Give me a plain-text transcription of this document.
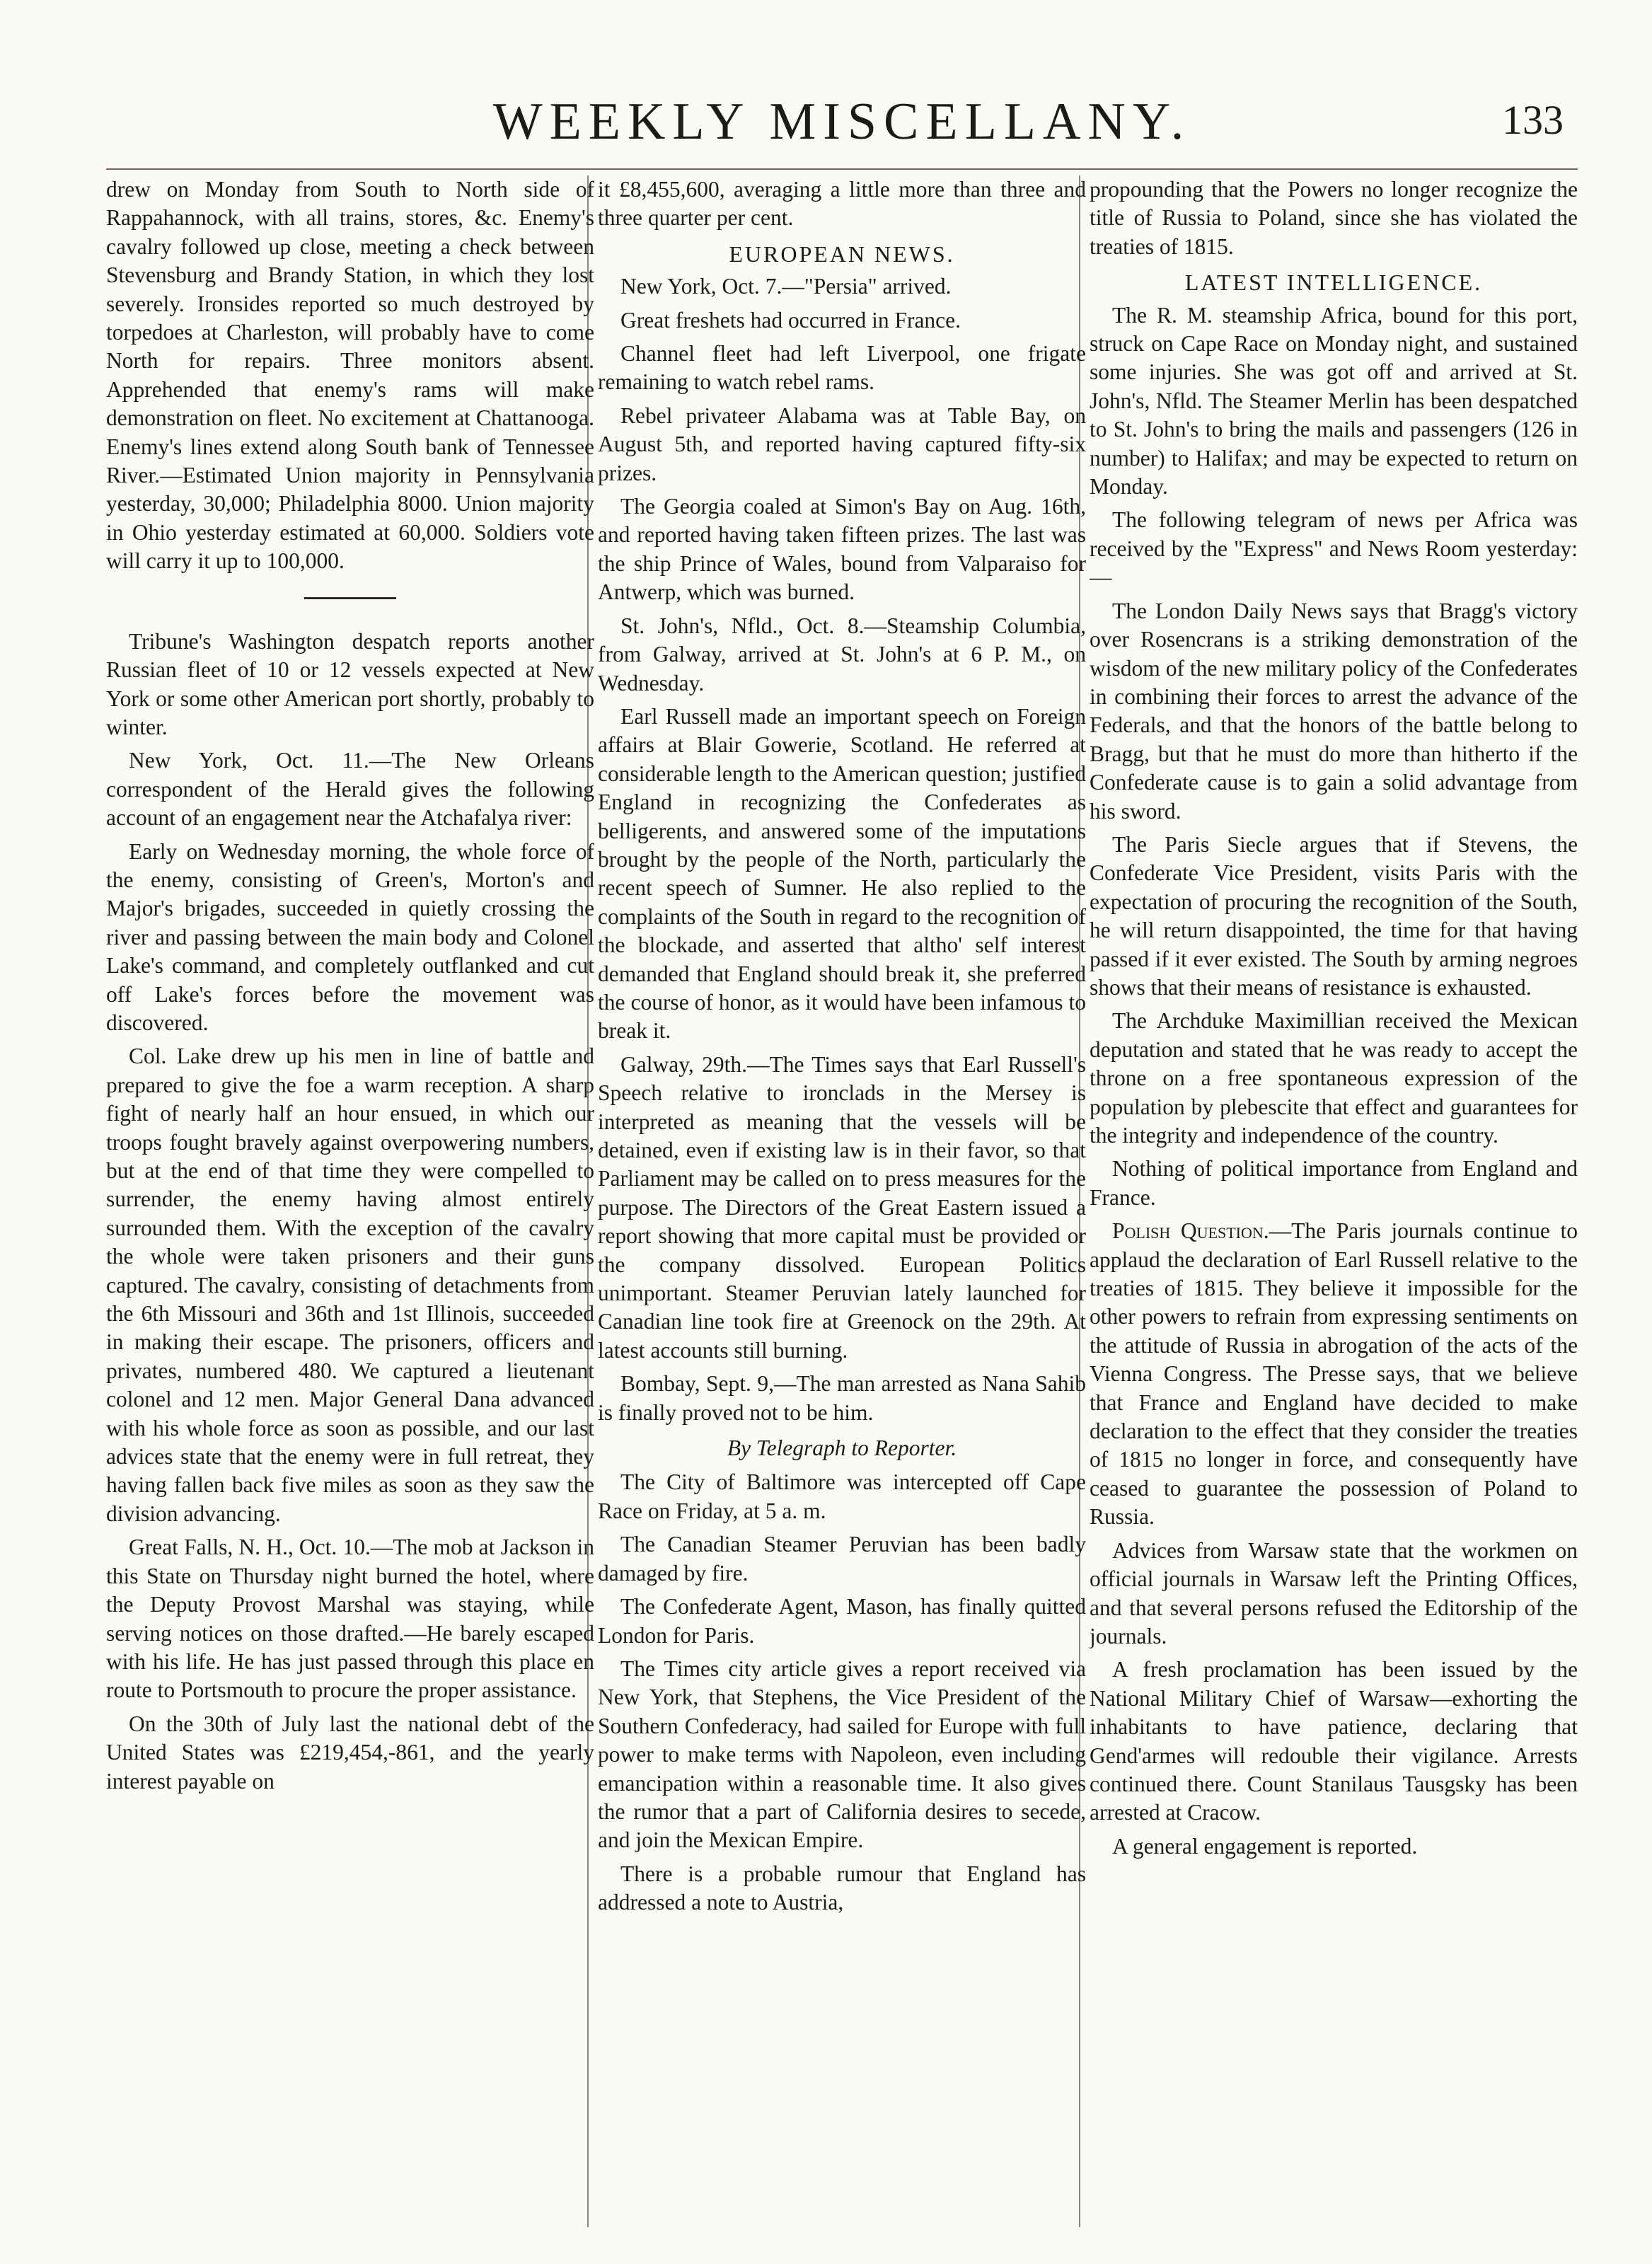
WEEKLY MISCELLANY.	133

drew on Monday from South to North side of Rappahannock, with all trains, stores, &c. Enemy's cavalry followed up close, meeting a check between Stevensburg and Brandy Station, in which they lost severely. Ironsides reported so much destroyed by torpedoes at Charleston, will probably have to come North for repairs. Three monitors absent. Apprehended that enemy's rams will make demonstration on fleet. No excitement at Chattanooga. Enemy's lines extend along South bank of Tennessee River.—Estimated Union majority in Pennsylvania yesterday, 30,000; Philadelphia 8000. Union majority in Ohio yesterday estimated at 60,000. Soldiers vote will carry it up to 100,000.

Tribune's Washington despatch reports another Russian fleet of 10 or 12 vessels expected at New York or some other American port shortly, probably to winter.

New York, Oct. 11.—The New Orleans correspondent of the Herald gives the following account of an engagement near the Atchafalya river:

Early on Wednesday morning, the whole force of the enemy, consisting of Green's, Morton's and Major's brigades, succeeded in quietly crossing the river and passing between the main body and Colonel Lake's command, and completely outflanked and cut off Lake's forces before the movement was discovered.

Col. Lake drew up his men in line of battle and prepared to give the foe a warm reception. A sharp fight of nearly half an hour ensued, in which our troops fought bravely against overpowering numbers, but at the end of that time they were compelled to surrender, the enemy having almost entirely surrounded them. With the exception of the cavalry the whole were taken prisoners and their guns captured. The cavalry, consisting of detachments from the 6th Missouri and 36th and 1st Illinois, succeeded in making their escape. The prisoners, officers and privates, numbered 480. We captured a lieutenant colonel and 12 men. Major General Dana advanced with his whole force as soon as possible, and our last advices state that the enemy were in full retreat, they having fallen back five miles as soon as they saw the division advancing.

Great Falls, N. H., Oct. 10.—The mob at Jackson in this State on Thursday night burned the hotel, where the Deputy Provost Marshal was staying, while serving notices on those drafted.—He barely escaped with his life. He has just passed through this place en route to Portsmouth to procure the proper assistance.

On the 30th of July last the national debt of the United States was £219,454,-861, and the yearly interest payable on

it £8,455,600, averaging a little more than three and three quarter per cent.

EUROPEAN NEWS.

New York, Oct. 7.—"Persia" arrived.

Great freshets had occurred in France.

Channel fleet had left Liverpool, one frigate remaining to watch rebel rams.

Rebel privateer Alabama was at Table Bay, on August 5th, and reported having captured fifty-six prizes.

The Georgia coaled at Simon's Bay on Aug. 16th, and reported having taken fifteen prizes. The last was the ship Prince of Wales, bound from Valparaiso for Antwerp, which was burned.

St. John's, Nfld., Oct. 8.—Steamship Columbia, from Galway, arrived at St. John's at 6 P. M., on Wednesday.

Earl Russell made an important speech on Foreign affairs at Blair Gowerie, Scotland. He referred at considerable length to the American question; justified England in recognizing the Confederates as belligerents, and answered some of the imputations brought by the people of the North, particularly the recent speech of Sumner. He also replied to the complaints of the South in regard to the recognition of the blockade, and asserted that altho' self interest demanded that England should break it, she preferred the course of honor, as it would have been infamous to break it.

Galway, 29th.—The Times says that Earl Russell's Speech relative to ironclads in the Mersey is interpreted as meaning that the vessels will be detained, even if existing law is in their favor, so that Parliament may be called on to press measures for the purpose. The Directors of the Great Eastern issued a report showing that more capital must be provided or the company dissolved. European Politics unimportant. Steamer Peruvian lately launched for Canadian line took fire at Greenock on the 29th. At latest accounts still burning.

Bombay, Sept. 9,—The man arrested as Nana Sahib is finally proved not to be him.

By Telegraph to Reporter.

The City of Baltimore was intercepted off Cape Race on Friday, at 5 a. m.

The Canadian Steamer Peruvian has been badly damaged by fire.

The Confederate Agent, Mason, has finally quitted London for Paris.

The Times city article gives a report received via New York, that Stephens, the Vice President of the Southern Confederacy, had sailed for Europe with full power to make terms with Napoleon, even including emancipation within a reasonable time. It also gives the rumor that a part of California desires to secede, and join the Mexican Empire.

There is a probable rumour that England has addressed a note to Austria,

propounding that the Powers no longer recognize the title of Russia to Poland, since she has violated the treaties of 1815.

LATEST INTELLIGENCE.

The R. M. steamship Africa, bound for this port, struck on Cape Race on Monday night, and sustained some injuries. She was got off and arrived at St. John's, Nfld. The Steamer Merlin has been despatched to St. John's to bring the mails and passengers (126 in number) to Halifax; and may be expected to return on Monday.

The following telegram of news per Africa was received by the "Express" and News Room yesterday:—

The London Daily News says that Bragg's victory over Rosencrans is a striking demonstration of the wisdom of the new military policy of the Confederates in combining their forces to arrest the advance of the Federals, and that the honors of the battle belong to Bragg, but that he must do more than hitherto if the Confederate cause is to gain a solid advantage from his sword.

The Paris Siecle argues that if Stevens, the Confederate Vice President, visits Paris with the expectation of procuring the recognition of the South, he will return disappointed, the time for that having passed if it ever existed. The South by arming negroes shows that their means of resistance is exhausted.

The Archduke Maximillian received the Mexican deputation and stated that he was ready to accept the throne on a free spontaneous expression of the population by plebescite that effect and guarantees for the integrity and independence of the country.

Nothing of political importance from England and France.

Polish Question.—The Paris journals continue to applaud the declaration of Earl Russell relative to the treaties of 1815. They believe it impossible for the other powers to refrain from expressing sentiments on the attitude of Russia in abrogation of the acts of the Vienna Congress. The Presse says, that we believe that France and England have decided to make declaration to the effect that they consider the treaties of 1815 no longer in force, and consequently have ceased to guarantee the possession of Poland to Russia.

Advices from Warsaw state that the workmen on official journals in Warsaw left the Printing Offices, and that several persons refused the Editorship of the journals.

A fresh proclamation has been issued by the National Military Chief of Warsaw—exhorting the inhabitants to have patience, declaring that Gend'armes will redouble their vigilance. Arrests continued there. Count Stanilaus Tausgsky has been arrested at Cracow.

A general engagement is reported.
